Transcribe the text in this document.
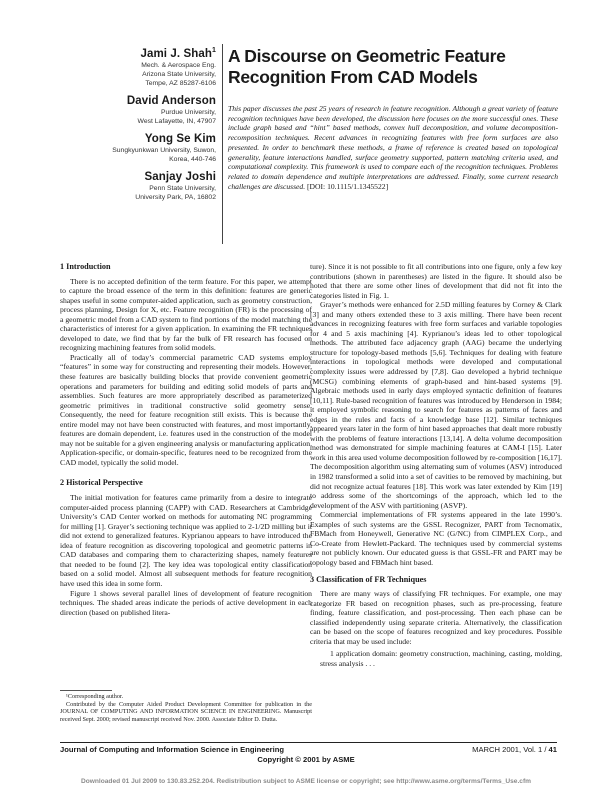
Jami J. Shah$^1$
Mech. & Aerospace Eng.
Arizona State University,
Tempe, AZ 85287-6106
David Anderson
Purdue University,
West Lafayette, IN, 47907
Yong Se Kim
Sungkyunkwan University, Suwon,
Korea, 440-746
Sanjay Joshi
Penn State University,
University Park, PA, 16802
A Discourse on Geometric Feature Recognition From CAD Models
This paper discusses the past 25 years of research in feature recognition. Although a great variety of feature recognition techniques have been developed, the discussion here focuses on the more successful ones. These include graph based and “hint” based methods, convex hull decomposition, and volume decomposition-recomposition techniques. Recent advances in recognizing features with free form surfaces are also presented. In order to benchmark these methods, a frame of reference is created based on topological generality, feature interactions handled, surface geometry supported, pattern matching criteria used, and computational complexity. This framework is used to compare each of the recognition techniques. Problems related to domain dependence and multiple interpretations are addressed. Finally, some current research challenges are discussed. [DOI: 10.1115/1.1345522]

1 Introduction

There is no accepted definition of the term feature. For this paper, we attempt to capture the broad essence of the term in this definition: features are generic shapes useful in some computer-aided application, such as geometry construction, process planning, Design for X, etc. Feature recognition (FR) is the processing of a geometric model from a CAD system to find portions of the model matching the characteristics of interest for a given application. In examining the FR techniques developed to date, we find that by far the bulk of FR research has focused on recognizing machining features from solid models.

Practically all of today’s commercial parametric CAD systems employ “features” in some way for constructing and representing their models. However, these features are basically building blocks that provide convenient geometric operations and parameters for building and editing solid models of parts and assemblies. Such features are more appropriately described as parameterized geometric primitives in traditional constructive solid geometry sense. Consequently, the need for feature recognition still exists. This is because the entire model may not have been constructed with features, and most importantly, features are domain dependent, i.e. features used in the construction of the model may not be suitable for a given engineering analysis or manufacturing application. Application-specific, or domain-specific, features need to be recognized from the CAD model, typically the solid model.

2 Historical Perspective

The initial motivation for features came primarily from a desire to integrate computer-aided process planning (CAPP) with CAD. Researchers at Cambridge University’s CAD Center worked on methods for automating NC programming for milling [1]. Grayer’s sectioning technique was applied to 2-1/2D milling but it did not extend to generalized features. Kyprianou appears to have introduced the idea of feature recognition as discovering topological and geometric patterns in CAD databases and comparing them to characterizing shapes, namely features that needed to be found [2]. The key idea was topological entity classification based on a solid model. Almost all subsequent methods for feature recognition have used this idea in some form.

Figure 1 shows several parallel lines of development of feature recognition techniques. The shaded areas indicate the periods of active development in each direction (based on published litera-

¹Corresponding author.

Contributed by the Computer Aided Product Development Committee for publication in the JOURNAL OF COMPUTING AND INFORMATION SCIENCE IN ENGINEERING. Manuscript received Sept. 2000; revised manuscript received Nov. 2000. Associate Editor D. Dutta.

ture). Since it is not possible to fit all contributions into one figure, only a few key contributions (shown in parentheses) are listed in the figure. It should also be noted that there are some other lines of development that did not fit into the categories listed in Fig. 1.

Grayer’s methods were enhanced for 2.5D milling features by Corney & Clark [3] and many others extended these to 3 axis milling. There have been recent advances in recognizing features with free form surfaces and variable topologies for 4 and 5 axis machining [4]. Kyprianou’s ideas led to other topological methods. The attributed face adjacency graph (AAG) became the underlying structure for topology-based methods [5,6]. Techniques for dealing with feature interactions in topological methods were developed and computational complexity issues were addressed by [7,8]. Gao developed a hybrid technique (MCSG) combining elements of graph-based and hint-based systems [9]. Algebraic methods used in early days employed syntactic definition of features [10,11]. Rule-based recognition of features was introduced by Henderson in 1984; it employed symbolic reasoning to search for features as patterns of faces and edges in the rules and facts of a knowledge base [12]. Similar techniques appeared years later in the form of hint based approaches that dealt more robustly with the problems of feature interactions [13,14]. A delta volume decomposition method was demonstrated for simple machining features at CAM-I [15]. Later work in this area used volume decomposition followed by re-composition [16,17]. The decomposition algorithm using alternating sum of volumes (ASV) introduced in 1982 transformed a solid into a set of cavities to be removed by machining, but did not recognize actual features [18]. This work was later extended by Kim [19] to address some of the shortcomings of the approach, which led to the development of the ASV with partitioning (ASVP).

Commercial implementations of FR systems appeared in the late 1990’s. Examples of such systems are the GSSL Recognizer, PART from Tecnomatix, FBMach from Honeywell, Generative NC (G/NC) from CIMPLEX Corp., and Co-Create from Hewlett-Packard. The techniques used by commercial systems are not publicly known. Our educated guess is that GSSL-FR and PART may be topology based and FBMach hint based.

3 Classification of FR Techniques

There are many ways of classifying FR techniques. For example, one may categorize FR based on recognition phases, such as pre-processing, feature finding, feature classification, and post-processing. Then each phase can be classified independently using separate criteria. Alternatively, the classification can be based on the scope of features recognized and key procedures. Possible criteria that may be used include:

1 application domain: geometry construction, machining, casting, molding, stress analysis . . .

Journal of Computing and Information Science in Engineering	MARCH 2001, Vol. 1 / 41
Copyright © 2001 by ASME
Downloaded 01 Jul 2009 to 130.83.252.204. Redistribution subject to ASME license or copyright; see http://www.asme.org/terms/Terms_Use.cfm
